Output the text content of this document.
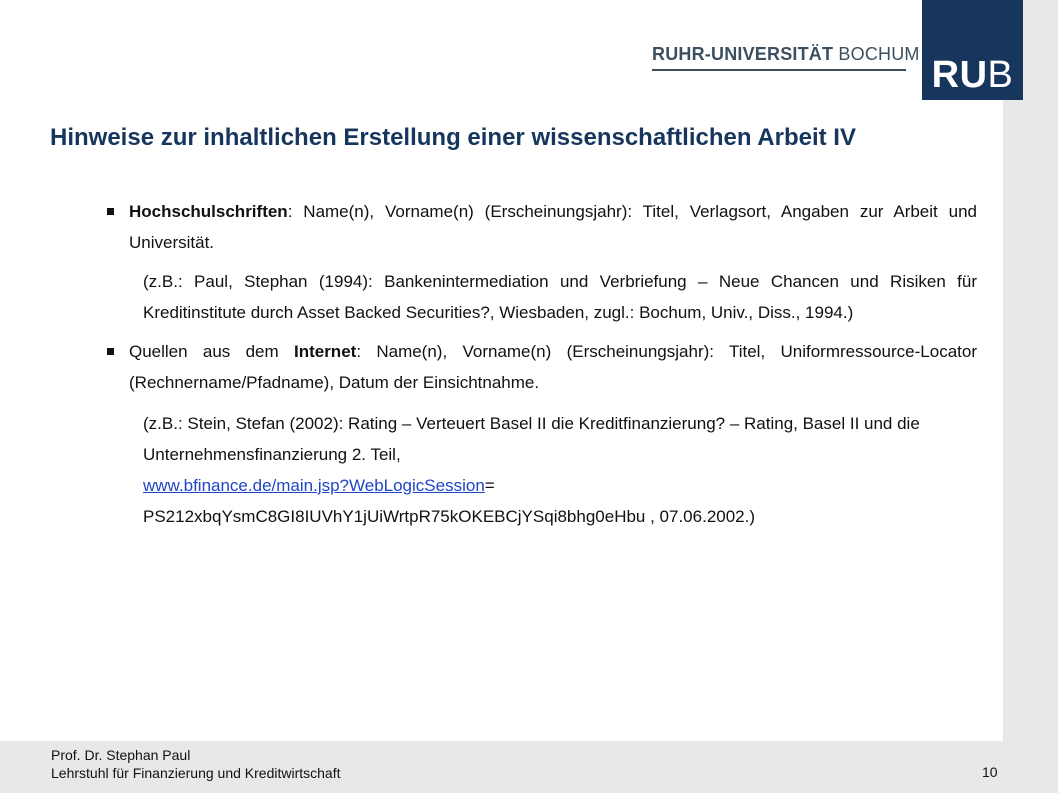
RUHR-UNIVERSITÄT BOCHUM RUB
Hinweise zur inhaltlichen Erstellung einer wissenschaftlichen Arbeit IV
Hochschulschriften: Name(n), Vorname(n) (Erscheinungsjahr): Titel, Verlagsort, Angaben zur Arbeit und Universität.
(z.B.: Paul, Stephan (1994): Bankenintermediation und Verbriefung – Neue Chancen und Risiken für Kreditinstitute durch Asset Backed Securities?, Wiesbaden, zugl.: Bochum, Univ., Diss., 1994.)
Quellen aus dem Internet: Name(n), Vorname(n) (Erscheinungsjahr): Titel, Uniformressource-Locator (Rechnername/Pfadname), Datum der Einsichtnahme.
(z.B.: Stein, Stefan (2002): Rating – Verteuert Basel II die Kreditfinanzierung? – Rating, Basel II und die Unternehmensfinanzierung 2. Teil,
www.bfinance.de/main.jsp?WebLogicSession=
PS212xbqYsmC8GI8IUVhY1jUiWrtpR75kOKEBCjYSqi8bhg0eHbu , 07.06.2002.)
Prof. Dr. Stephan Paul
Lehrstuhl für Finanzierung und Kreditwirtschaft	10
